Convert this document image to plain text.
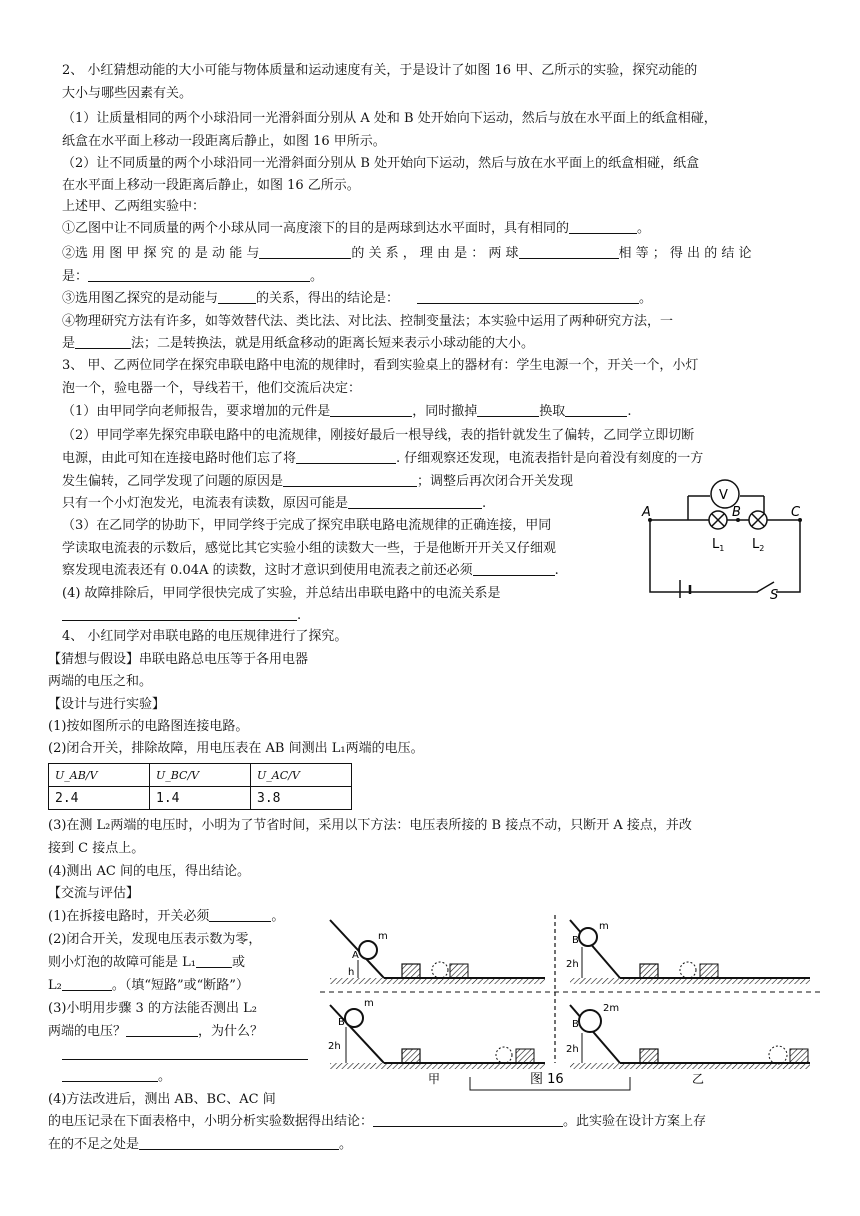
2、 小红猜想动能的大小可能与物体质量和运动速度有关，于是设计了如图 16 甲、乙所示的实验，探究动能的
大小与哪些因素有关。
（1）让质量相同的两个小球沿同一光滑斜面分别从 A 处和 B 处开始向下运动，然后与放在水平面上的纸盒相碰，
纸盒在水平面上移动一段距离后静止，如图 16 甲所示。
（2）让不同质量的两个小球沿同一光滑斜面分别从 B 处开始向下运动，然后与放在水平面上的纸盒相碰，纸盒
在水平面上移动一段距离后静止，如图 16 乙所示。
上述甲、乙两组实验中：
①乙图中让不同质量的两个小球从同一高度滚下的目的是两球到达水平面时，具有相同的	。
②选 用 图 甲 探 究 的 是 动 能 与	的 关 系 ， 理 由 是 ： 两 球	相 等 ； 得 出 的 结 论
是：	。
③选用图乙探究的是动能与	的关系，得出的结论是：	。
④物理研究方法有许多，如等效替代法、类比法、对比法、控制变量法；本实验中运用了两种研究方法，一
是	法；二是转换法，就是用纸盒移动的距离长短来表示小球动能的大小。
3、 甲、乙两位同学在探究串联电路中电流的规律时，看到实验桌上的器材有：学生电源一个，开关一个，小灯
泡一个，验电器一个，导线若干，他们交流后决定：
（1）由甲同学向老师报告，要求增加的元件是	，同时撤掉	换取	.
（2）甲同学率先探究串联电路中的电流规律，刚接好最后一根导线，表的指针就发生了偏转，乙同学立即切断
电源，由此可知在连接电路时他们忘了将	. 仔细观察还发现，电流表指针是向着没有刻度的一方
发生偏转，乙同学发现了问题的原因是	；调整后再次闭合开关发现
只有一个小灯泡发光，电流表有读数，原因可能是	.
（3）在乙同学的协助下，甲同学终于完成了探究串联电路电流规律的正确连接，甲同
学读取电流表的示数后，感觉比其它实验小组的读数大一些，于是他断开开关又仔细观
察发现电流表还有 0.04A 的读数，这时才意识到使用电流表之前还必须	.
(4) 故障排除后，甲同学很快完成了实验，并总结出串联电路中的电流关系是
.
V
A	B	C
$L_1$ $L_2$
S
4、 小红同学对串联电路的电压规律进行了探究。
【猜想与假设】串联电路总电压等于各用电器
两端的电压之和。
【设计与进行实验】
(1)按如图所示的电路图连接电路。
(2)闭合开关，排除故障，用电压表在 AB 间测出 L₁两端的电压。
U_AB/V	U_BC/V	U_AC/V
2.4	1.4	3.8
(3)在测 L₂两端的电压时，小明为了节省时间，采用以下方法：电压表所接的 B 接点不动，只断开 A 接点，并改
接到 C 接点上。
(4)测出 AC 间的电压，得出结论。
【交流与评估】
(1)在拆接电路时，开关必须	。
(2)闭合开关，发现电压表示数为零，
则小灯泡的故障可能是 L₁	或
L₂	。（填“短路”或“断路”）
(3)小明用步骤 3 的方法能否测出 L₂
两端的电压？	，为什么？
。
(4)方法改进后，测出 AB、BC、AC 间
的电压记录在下面表格中，小明分析实验数据得出结论：	。此实验在设计方案上存
在的不足之处是	。
m
A
h
m
B
2h
m
B
2h
2m
B
2h
甲	乙
图 16
